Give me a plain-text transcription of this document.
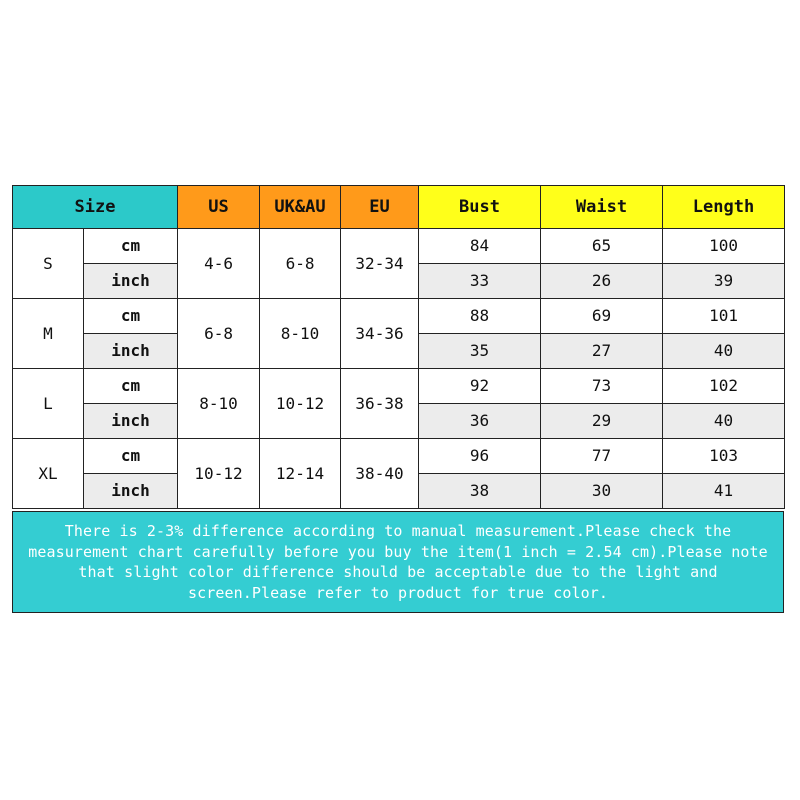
Size		US	UK&AU	EU	Bust	Waist	Length
S	cm	4-6	6-8	32-34	84	65	100
	inch				33	26	39
M	cm	6-8	8-10	34-36	88	69	101
	inch				35	27	40
L	cm	8-10	10-12	36-38	92	73	102
	inch				36	29	40
XL	cm	10-12	12-14	38-40	96	77	103
	inch				38	30	41
There is 2-3% difference according to manual measurement.Please check the
measurement chart carefully before you buy the item(1 inch = 2.54 cm).Please note
that slight color difference should be acceptable due to the light and
screen.Please refer to product for true color.
